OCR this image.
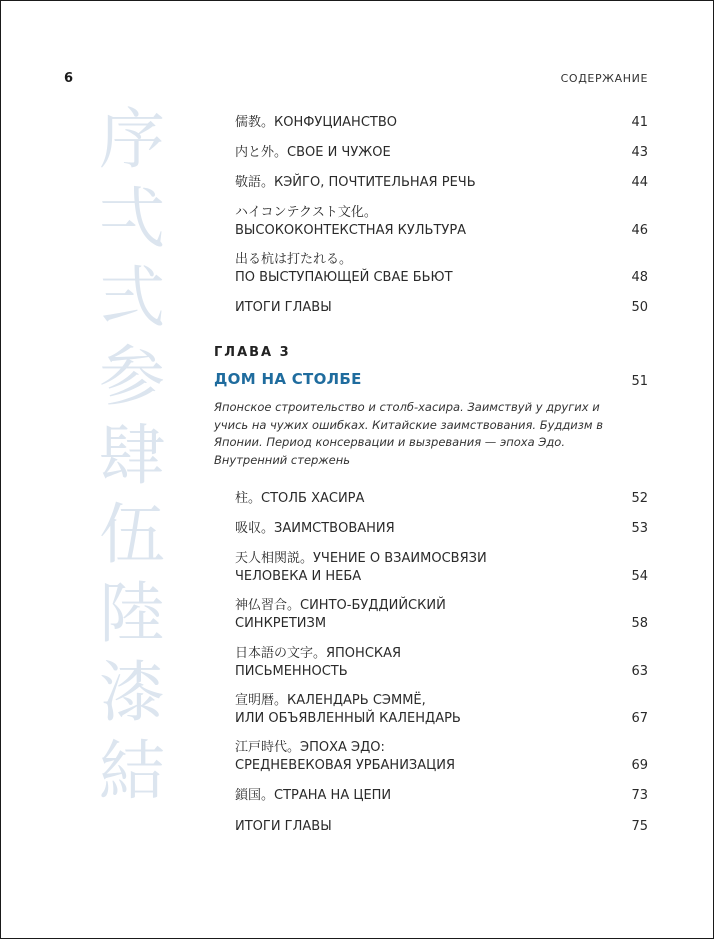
6	СОДЕРЖАНИЕ
序
弌
弍
参
肆
伍
陸
漆
結
儒教。КОНФУЦИАНСТВО	41
内と外。СВОЕ И ЧУЖОЕ	43
敬語。КЭЙГО, ПОЧТИТЕЛЬНАЯ РЕЧЬ	44
ハイコンテクスト文化。
ВЫСОКОКОНТЕКСТНАЯ КУЛЬТУРА	46
出る杭は打たれる。
ПО ВЫСТУПАЮЩЕЙ СВАЕ БЬЮТ	48
ИТОГИ ГЛАВЫ	50
ГЛАВА 3
ДОМ НА СТОЛБЕ	51
Японское строительство и столб-хасира. Заимствуй у других и учись на чужих ошибках. Китайские заимствования. Буддизм в Японии. Период консервации и вызревания — эпоха Эдо. Внутренний стержень
柱。СТОЛБ ХАСИРА	52
吸収。ЗАИМСТВОВАНИЯ	53
天人相関説。УЧЕНИЕ О ВЗАИМОСВЯЗИ
ЧЕЛОВЕКА И НЕБА	54
神仏習合。СИНТО-БУДДИЙСКИЙ
СИНКРЕТИЗМ	58
日本語の文字。ЯПОНСКАЯ
ПИСЬМЕННОСТЬ	63
宣明暦。КАЛЕНДАРЬ СЭММЁ,
ИЛИ ОБЪЯВЛЕННЫЙ КАЛЕНДАРЬ	67
江戸時代。ЭПОХА ЭДО:
СРЕДНЕВЕКОВАЯ УРБАНИЗАЦИЯ	69
鎖国。СТРАНА НА ЦЕПИ	73
ИТОГИ ГЛАВЫ	75
